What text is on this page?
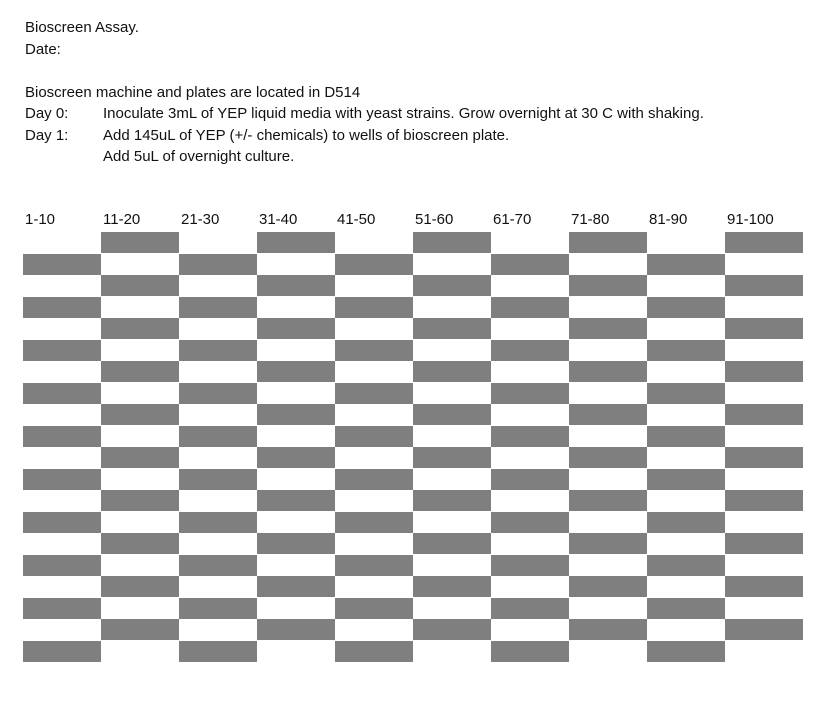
Bioscreen Assay.
Date:
Bioscreen machine and plates are located in D514
Day 0: Inoculate 3mL of YEP liquid media with yeast strains. Grow overnight at 30 C with shaking.
Day 1: Add 145uL of YEP (+/- chemicals) to wells of bioscreen plate.
Add 5uL of overnight culture.
1-10	11-20	21-30	31-40	41-50	51-60	61-70	71-80	81-90	91-100
